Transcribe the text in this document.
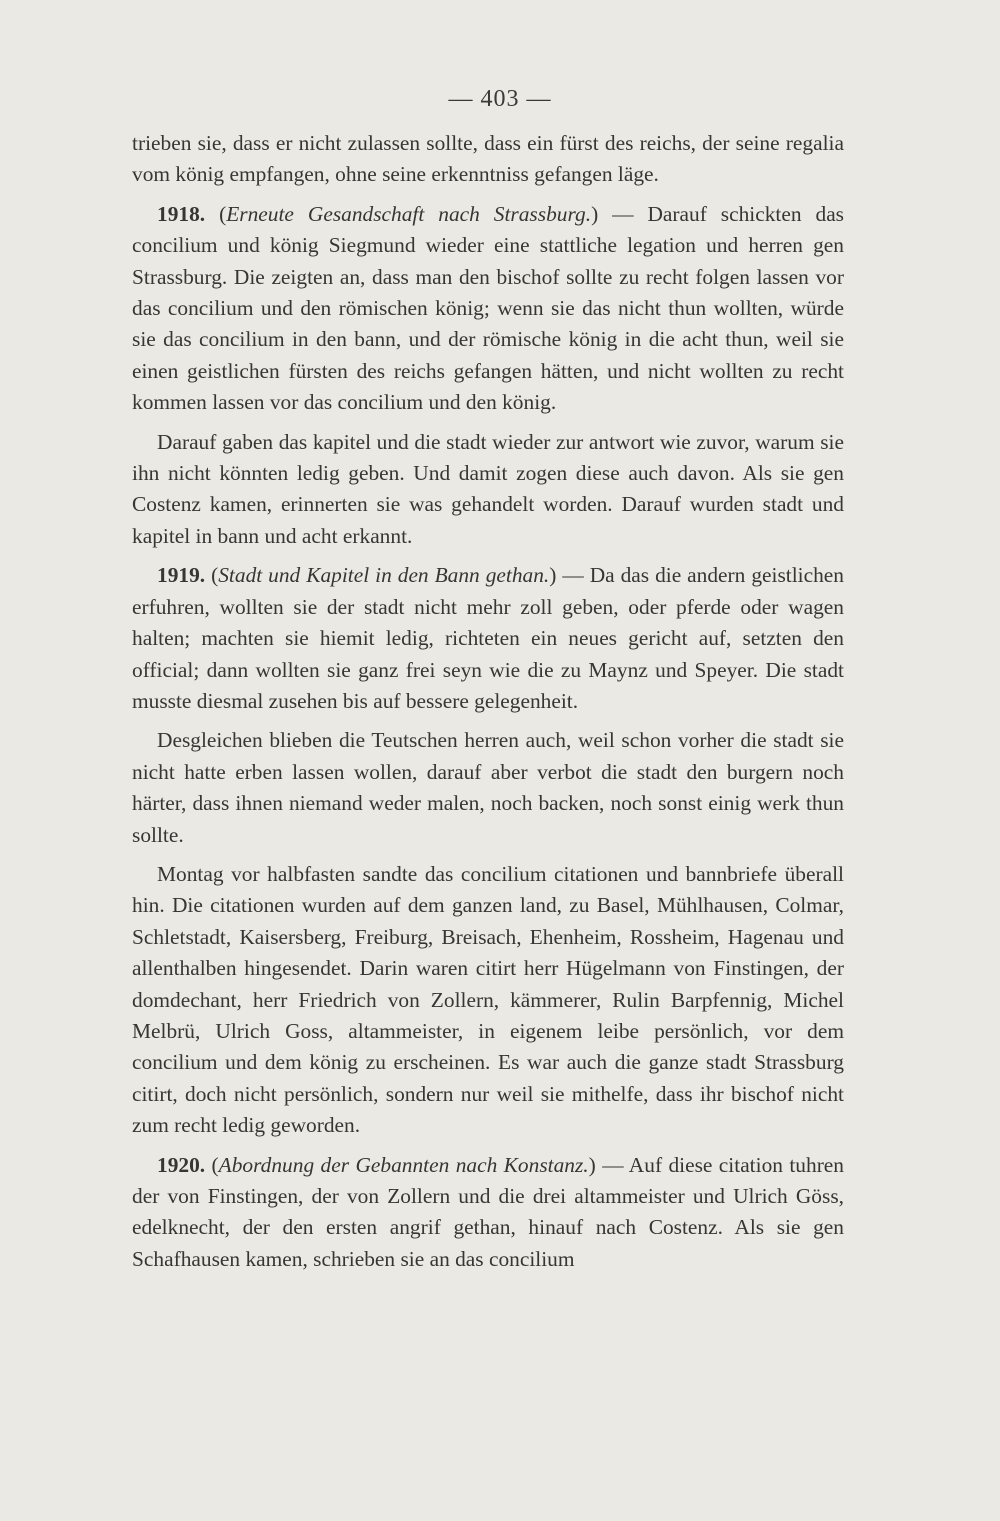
— 403 —

trieben sie, dass er nicht zulassen sollte, dass ein fürst des reichs, der seine regalia vom könig empfangen, ohne seine erkenntniss gefangen läge.

1918. (Erneute Gesandschaft nach Strassburg.) — Darauf schickten das concilium und könig Siegmund wieder eine stattliche legation und herren gen Strassburg. Die zeigten an, dass man den bischof sollte zu recht folgen lassen vor das concilium und den römischen könig; wenn sie das nicht thun wollten, würde sie das concilium in den bann, und der römische könig in die acht thun, weil sie einen geistlichen fürsten des reichs gefangen hätten, und nicht wollten zu recht kommen lassen vor das concilium und den könig.

Darauf gaben das kapitel und die stadt wieder zur antwort wie zuvor, warum sie ihn nicht könnten ledig geben. Und damit zogen diese auch davon. Als sie gen Costenz kamen, erinnerten sie was gehandelt worden. Darauf wurden stadt und kapitel in bann und acht erkannt.

1919. (Stadt und Kapitel in den Bann gethan.) — Da das die andern geistlichen erfuhren, wollten sie der stadt nicht mehr zoll geben, oder pferde oder wagen halten; machten sie hiemit ledig, richteten ein neues gericht auf, setzten den official; dann wollten sie ganz frei seyn wie die zu Maynz und Speyer. Die stadt musste diesmal zusehen bis auf bessere gelegenheit.

Desgleichen blieben die Teutschen herren auch, weil schon vorher die stadt sie nicht hatte erben lassen wollen, darauf aber verbot die stadt den burgern noch härter, dass ihnen niemand weder malen, noch backen, noch sonst einig werk thun sollte.

Montag vor halbfasten sandte das concilium citationen und bannbriefe überall hin. Die citationen wurden auf dem ganzen land, zu Basel, Mühlhausen, Colmar, Schletstadt, Kaisersberg, Freiburg, Breisach, Ehenheim, Rossheim, Hagenau und allenthalben hingesendet. Darin waren citirt herr Hügelmann von Finstingen, der domdechant, herr Friedrich von Zollern, kämmerer, Rulin Barpfennig, Michel Melbrü, Ulrich Goss, altammeister, in eigenem leibe persönlich, vor dem concilium und dem könig zu erscheinen. Es war auch die ganze stadt Strassburg citirt, doch nicht persönlich, sondern nur weil sie mithelfe, dass ihr bischof nicht zum recht ledig geworden.

1920. (Abordnung der Gebannten nach Konstanz.) — Auf diese citation tuhren der von Finstingen, der von Zollern und die drei altammeister und Ulrich Göss, edelknecht, der den ersten angrif gethan, hinauf nach Costenz. Als sie gen Schafhausen kamen, schrieben sie an das concilium
